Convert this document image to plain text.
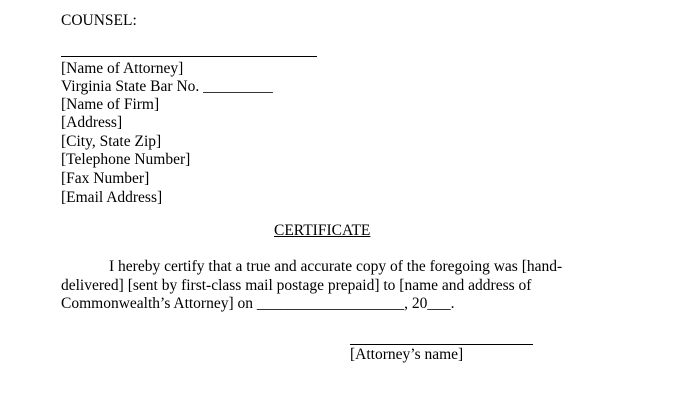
COUNSEL:
[Name of Attorney]
Virginia State Bar No. _________
[Name of Firm]
[Address]
[City, State Zip]
[Telephone Number]
[Fax Number]
[Email Address]
CERTIFICATE
I hereby certify that a true and accurate copy of the foregoing was [hand-
delivered] [sent by first-class mail postage prepaid] to [name and address of
Commonwealth’s Attorney] on ___________________, 20___.
[Attorney’s name]
